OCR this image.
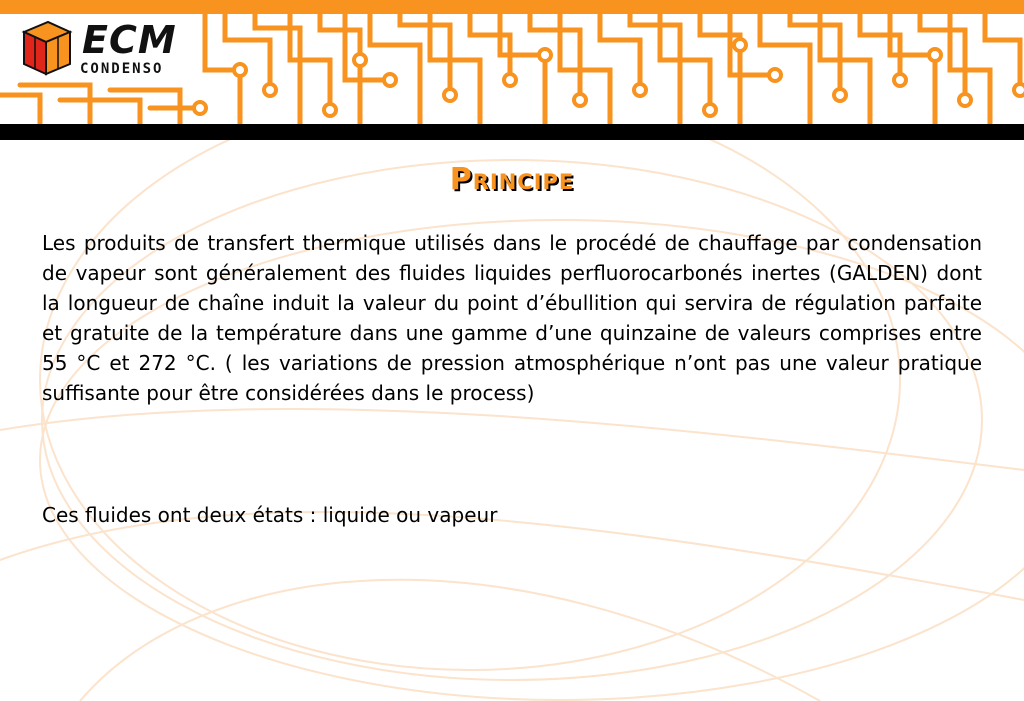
ECM
CONDENSO
Principe

Les produits de transfert thermique utilisés dans le procédé de chauffage par condensation de vapeur sont généralement des fluides liquides perfluorocarbonés inertes (GALDEN) dont la longueur de chaîne induit la valeur du point d’ébullition qui servira de régulation parfaite et gratuite de la température dans une gamme d’une quinzaine de valeurs comprises entre 55 °C et 272 °C. ( les variations de pression atmosphérique n’ont pas une valeur pratique suffisante pour être considérées dans le process)

Ces fluides ont deux états : liquide ou vapeur
